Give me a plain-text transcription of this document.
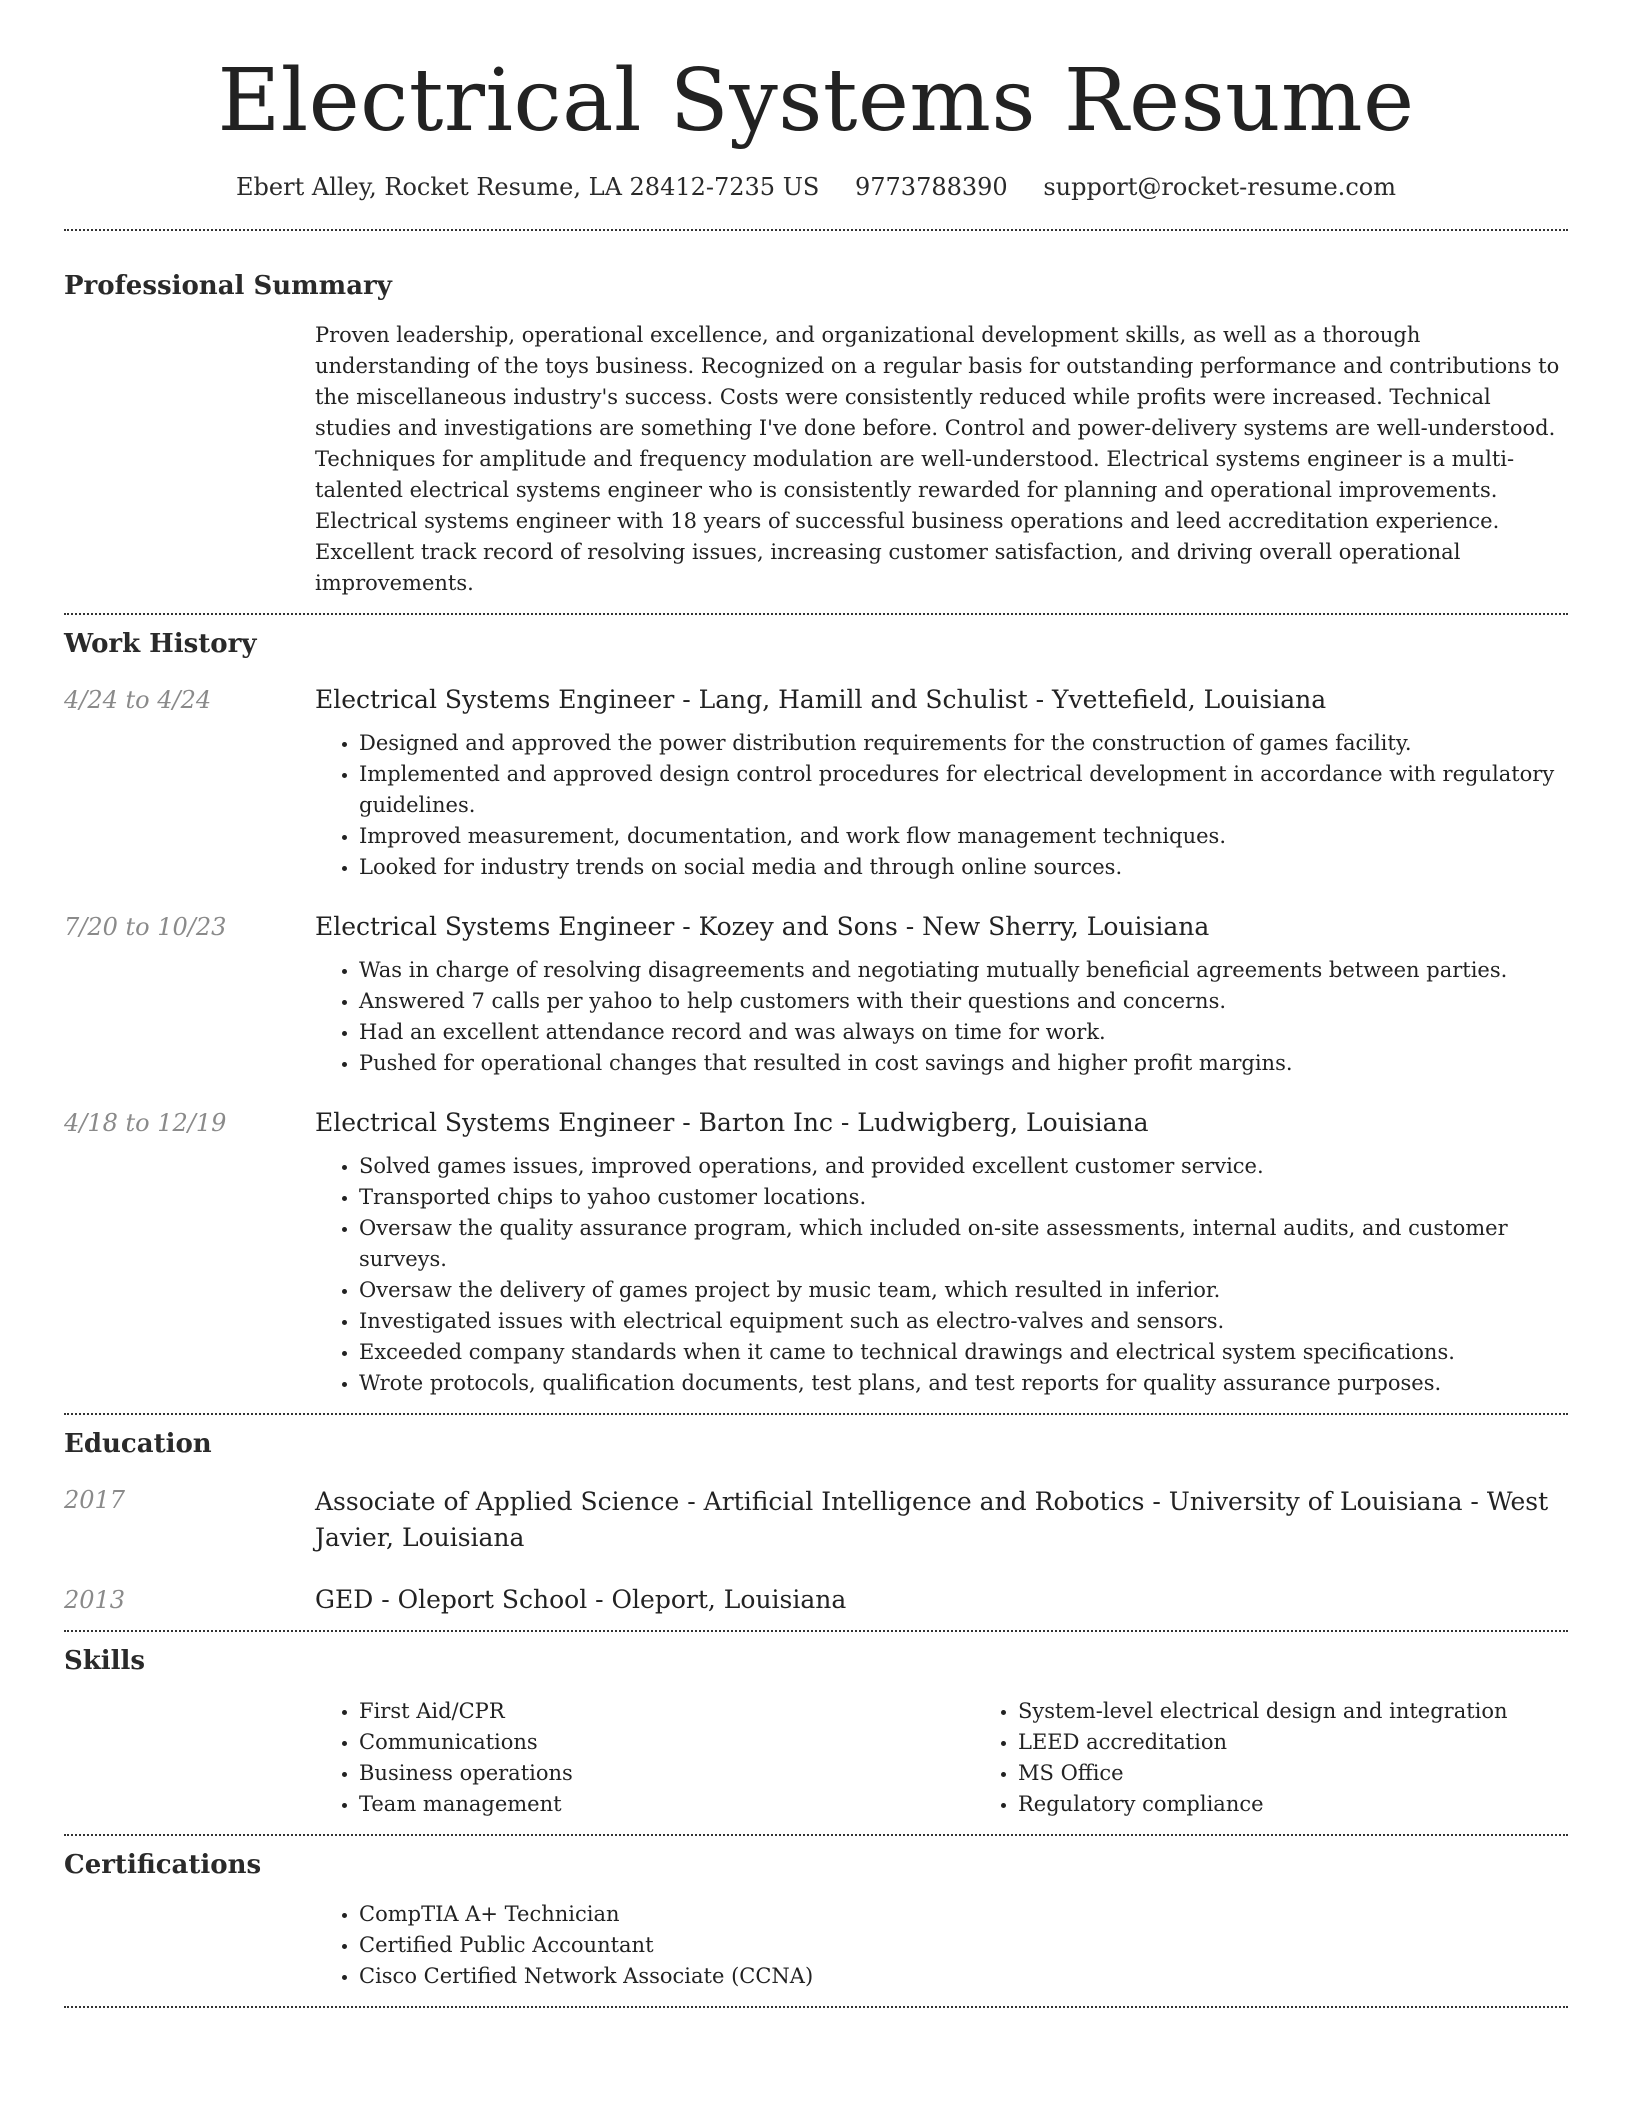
Electrical Systems Resume
Ebert Alley, Rocket Resume, LA 28412-7235 US 9773788390 support@rocket-resume.com
Professional Summary
Proven leadership, operational excellence, and organizational development skills, as well as a thorough understanding of the toys business. Recognized on a regular basis for outstanding performance and contributions to the miscellaneous industry's success. Costs were consistently reduced while profits were increased. Technical studies and investigations are something I've done before. Control and power-delivery systems are well-understood. Techniques for amplitude and frequency modulation are well-understood. Electrical systems engineer is a multi-talented electrical systems engineer who is consistently rewarded for planning and operational improvements. Electrical systems engineer with 18 years of successful business operations and leed accreditation experience. Excellent track record of resolving issues, increasing customer satisfaction, and driving overall operational improvements.
Work History
4/24 to 4/24	Electrical Systems Engineer - Lang, Hamill and Schulist - Yvettefield, Louisiana
• Designed and approved the power distribution requirements for the construction of games facility.
• Implemented and approved design control procedures for electrical development in accordance with regulatory guidelines.
• Improved measurement, documentation, and work flow management techniques.
• Looked for industry trends on social media and through online sources.
7/20 to 10/23	Electrical Systems Engineer - Kozey and Sons - New Sherry, Louisiana
• Was in charge of resolving disagreements and negotiating mutually beneficial agreements between parties.
• Answered 7 calls per yahoo to help customers with their questions and concerns.
• Had an excellent attendance record and was always on time for work.
• Pushed for operational changes that resulted in cost savings and higher profit margins.
4/18 to 12/19	Electrical Systems Engineer - Barton Inc - Ludwigberg, Louisiana
• Solved games issues, improved operations, and provided excellent customer service.
• Transported chips to yahoo customer locations.
• Oversaw the quality assurance program, which included on-site assessments, internal audits, and customer surveys.
• Oversaw the delivery of games project by music team, which resulted in inferior.
• Investigated issues with electrical equipment such as electro-valves and sensors.
• Exceeded company standards when it came to technical drawings and electrical system specifications.
• Wrote protocols, qualification documents, test plans, and test reports for quality assurance purposes.
Education
2017	Associate of Applied Science - Artificial Intelligence and Robotics - University of Louisiana - West Javier, Louisiana
2013	GED - Oleport School - Oleport, Louisiana
Skills
• First Aid/CPR
• Communications
• Business operations
• Team management
• System-level electrical design and integration
• LEED accreditation
• MS Office
• Regulatory compliance
Certifications
• CompTIA A+ Technician
• Certified Public Accountant
• Cisco Certified Network Associate (CCNA)
